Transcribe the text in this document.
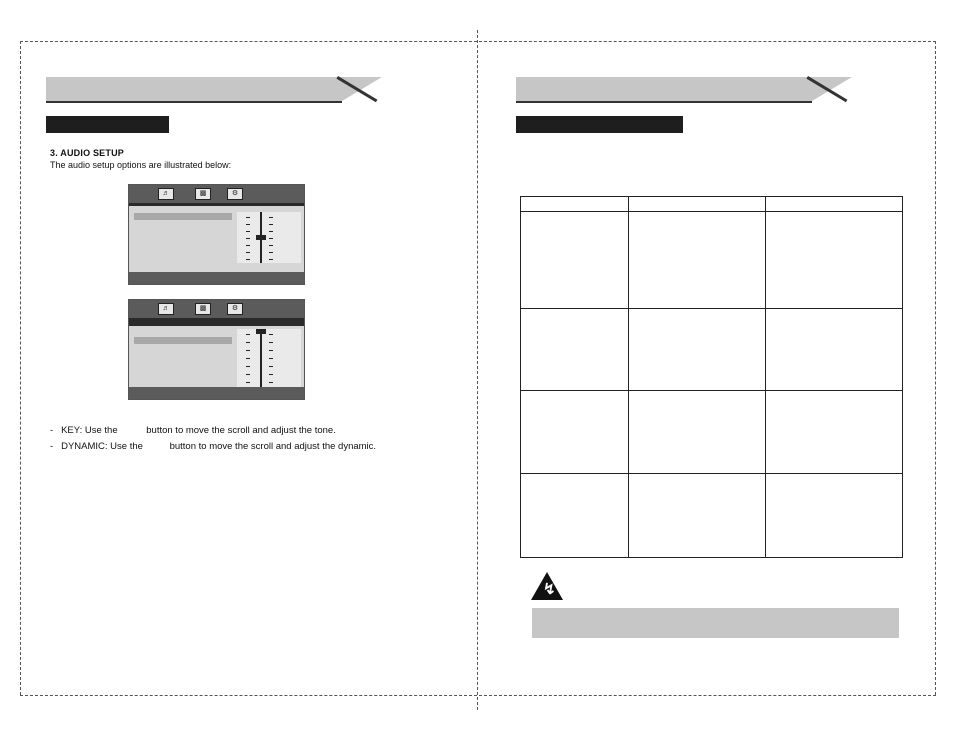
3. AUDIO SETUP
The audio setup options are illustrated below:
♬	▩	⚙
♬	▩	⚙
- KEY: Use the	button to move the scroll and adjust the tone.
- DYNAMIC: Use the	button to move the scroll and adjust the dynamic.

↯
